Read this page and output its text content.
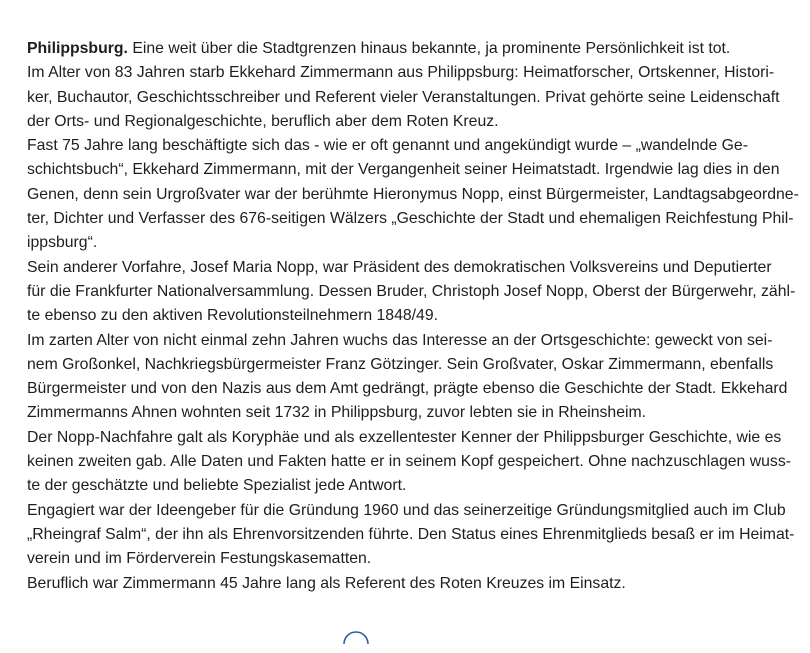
Philippsburg. Eine weit über die Stadtgrenzen hinaus bekannte, ja prominente Persönlichkeit ist tot.
Im Alter von 83 Jahren starb Ekkehard Zimmermann aus Philippsburg: Heimatforscher, Ortskenner, Histori-
ker, Buchautor, Geschichtsschreiber und Referent vieler Veranstaltungen. Privat gehörte seine Leidenschaft
der Orts- und Regionalgeschichte, beruflich aber dem Roten Kreuz.
Fast 75 Jahre lang beschäftigte sich das - wie er oft genannt und angekündigt wurde – „wandelnde Ge-
schichtsbuch“, Ekkehard Zimmermann, mit der Vergangenheit seiner Heimatstadt. Irgendwie lag dies in den
Genen, denn sein Urgroßvater war der berühmte Hieronymus Nopp, einst Bürgermeister, Landtagsabgeordne-
ter, Dichter und Verfasser des 676-seitigen Wälzers „Geschichte der Stadt und ehemaligen Reichfestung Phil-
ippsburg“.
Sein anderer Vorfahre, Josef Maria Nopp, war Präsident des demokratischen Volksvereins und Deputierter
für die Frankfurter Nationalversammlung. Dessen Bruder, Christoph Josef Nopp, Oberst der Bürgerwehr, zähl-
te ebenso zu den aktiven Revolutionsteilnehmern 1848/49.
Im zarten Alter von nicht einmal zehn Jahren wuchs das Interesse an der Ortsgeschichte: geweckt von sei-
nem Großonkel, Nachkriegsbürgermeister Franz Götzinger. Sein Großvater, Oskar Zimmermann, ebenfalls
Bürgermeister und von den Nazis aus dem Amt gedrängt, prägte ebenso die Geschichte der Stadt. Ekkehard
Zimmermanns Ahnen wohnten seit 1732 in Philippsburg, zuvor lebten sie in Rheinsheim.
Der Nopp-Nachfahre galt als Koryphäe und als exzellentester Kenner der Philippsburger Geschichte, wie es
keinen zweiten gab. Alle Daten und Fakten hatte er in seinem Kopf gespeichert. Ohne nachzuschlagen wuss-
te der geschätzte und beliebte Spezialist jede Antwort.
Engagiert war der Ideengeber für die Gründung 1960 und das seinerzeitige Gründungsmitglied auch im Club
„Rheingraf Salm“, der ihn als Ehrenvorsitzenden führte. Den Status eines Ehrenmitglieds besaß er im Heimat-
verein und im Förderverein Festungskasematten.
Beruflich war Zimmermann 45 Jahre lang als Referent des Roten Kreuzes im Einsatz.
